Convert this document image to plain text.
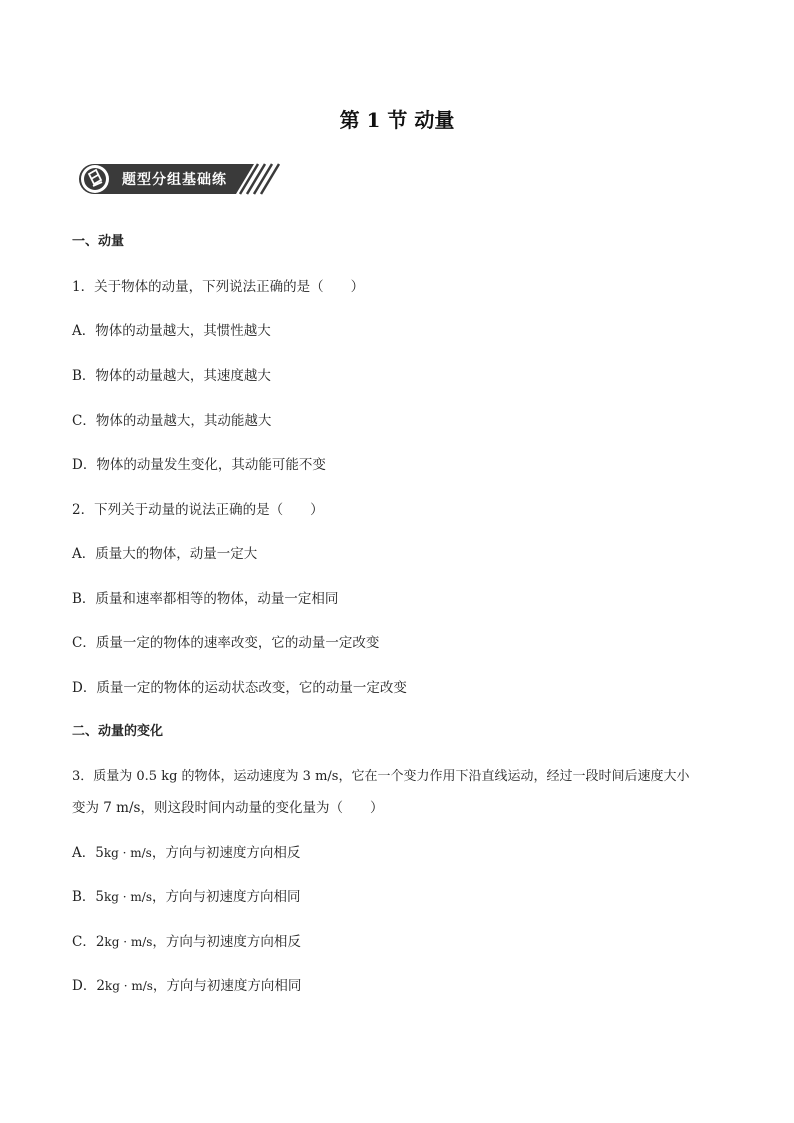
第 1 节 动量
题型分组基础练
一、动量
1．关于物体的动量，下列说法正确的是（　　）
A．物体的动量越大，其惯性越大
B．物体的动量越大，其速度越大
C．物体的动量越大，其动能越大
D．物体的动量发生变化，其动能可能不变
2．下列关于动量的说法正确的是（　　）
A．质量大的物体，动量一定大
B．质量和速率都相等的物体，动量一定相同
C．质量一定的物体的速率改变，它的动量一定改变
D．质量一定的物体的运动状态改变，它的动量一定改变
二、动量的变化
3．质量为 0.5 kg 的物体，运动速度为 3 m/s，它在一个变力作用下沿直线运动，经过一段时间后速度大小
变为 7 m/s，则这段时间内动量的变化量为（　　）
A．5kg · m/s，方向与初速度方向相反
B．5kg · m/s，方向与初速度方向相同
C．2kg · m/s，方向与初速度方向相反
D．2kg · m/s，方向与初速度方向相同
